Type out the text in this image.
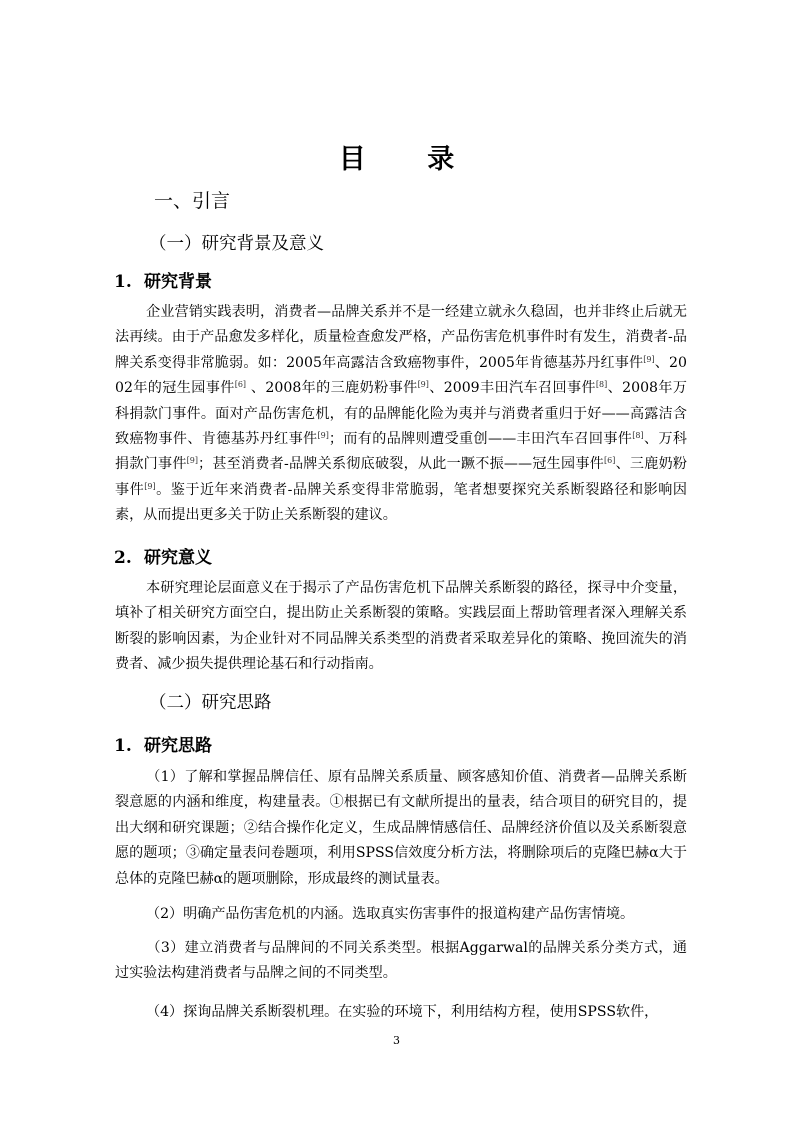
目 录
一、引言
（一）研究背景及意义
1. 研究背景
企业营销实践表明，消费者—品牌关系并不是一经建立就永久稳固，也并非终止后就无法再续。由于产品愈发多样化，质量检查愈发严格，产品伤害危机事件时有发生，消费者-品牌关系变得非常脆弱。如：2005年高露洁含致癌物事件，2005年肯德基苏丹红事件[9]、2002年的冠生园事件[6] 、2008年的三鹿奶粉事件[9]、2009丰田汽车召回事件[8]、2008年万科捐款门事件。面对产品伤害危机，有的品牌能化险为夷并与消费者重归于好——高露洁含致癌物事件、肯德基苏丹红事件[9]；而有的品牌则遭受重创——丰田汽车召回事件[8]、万科捐款门事件[9]；甚至消费者-品牌关系彻底破裂，从此一蹶不振——冠生园事件[6]、三鹿奶粉事件[9]。鉴于近年来消费者-品牌关系变得非常脆弱，笔者想要探究关系断裂路径和影响因素，从而提出更多关于防止关系断裂的建议。
2. 研究意义
本研究理论层面意义在于揭示了产品伤害危机下品牌关系断裂的路径，探寻中介变量，填补了相关研究方面空白，提出防止关系断裂的策略。实践层面上帮助管理者深入理解关系断裂的影响因素，为企业针对不同品牌关系类型的消费者采取差异化的策略、挽回流失的消费者、减少损失提供理论基石和行动指南。
（二）研究思路
1. 研究思路
（1）了解和掌握品牌信任、原有品牌关系质量、顾客感知价值、消费者—品牌关系断裂意愿的内涵和维度，构建量表。①根据已有文献所提出的量表，结合项目的研究目的，提出大纲和研究课题；②结合操作化定义，生成品牌情感信任、品牌经济价值以及关系断裂意愿的题项；③确定量表问卷题项，利用SPSS信效度分析方法，将删除项后的克隆巴赫α大于总体的克隆巴赫α的题项删除，形成最终的测试量表。
（2）明确产品伤害危机的内涵。选取真实伤害事件的报道构建产品伤害情境。
（3）建立消费者与品牌间的不同关系类型。根据Aggarwal的品牌关系分类方式，通过实验法构建消费者与品牌之间的不同类型。
（4）探询品牌关系断裂机理。在实验的环境下，利用结构方程，使用SPSS软件，
3
